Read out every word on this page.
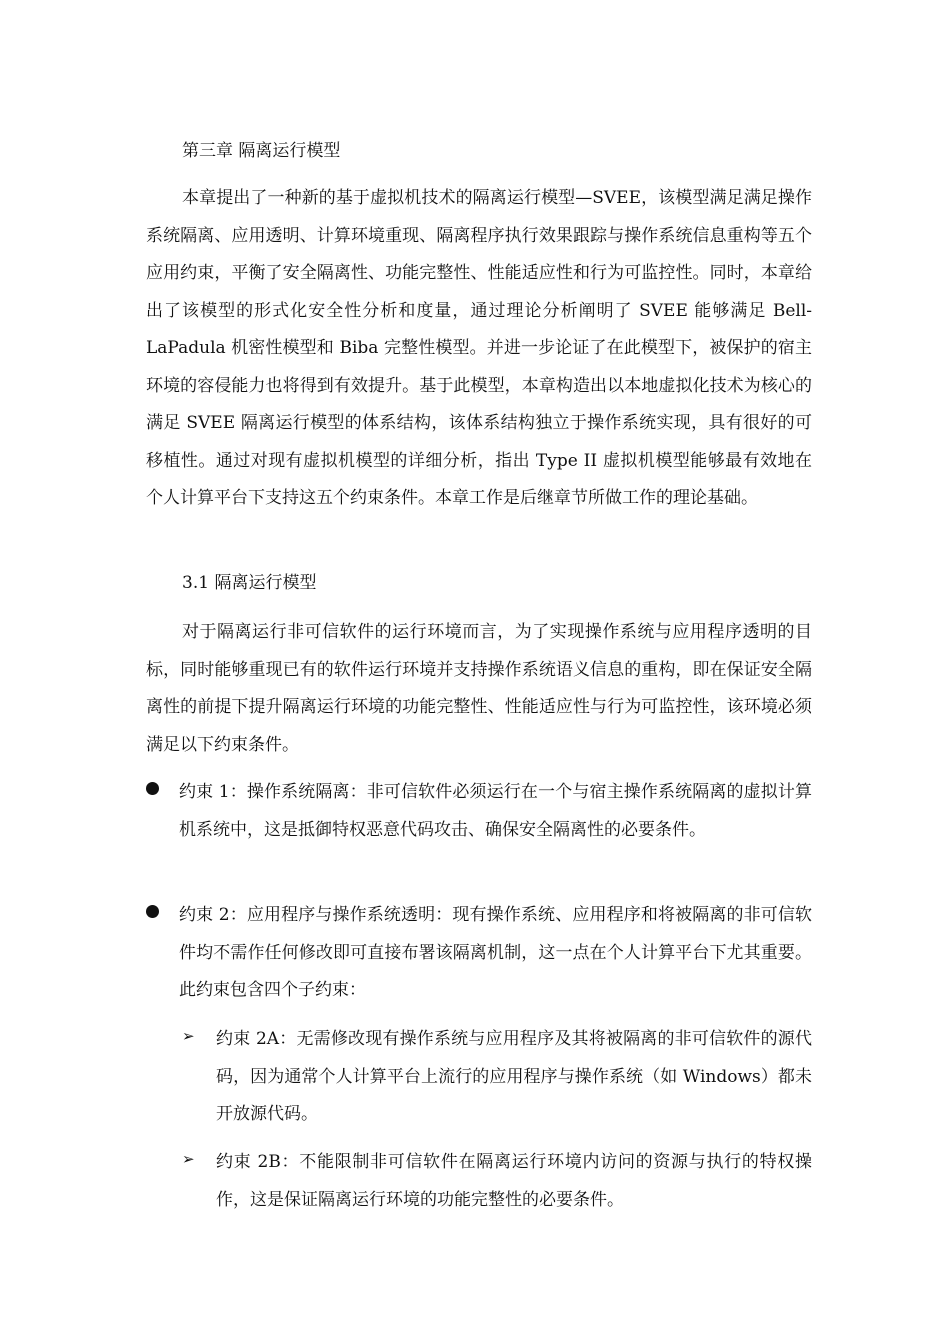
第三章 隔离运行模型

本章提出了一种新的基于虚拟机技术的隔离运行模型—SVEE，该模型满足满足操作系统隔离、应用透明、计算环境重现、隔离程序执行效果跟踪与操作系统信息重构等五个应用约束，平衡了安全隔离性、功能完整性、性能适应性和行为可监控性。同时，本章给出了该模型的形式化安全性分析和度量，通过理论分析阐明了 SVEE 能够满足 Bell-LaPadula 机密性模型和 Biba 完整性模型。并进一步论证了在此模型下，被保护的宿主环境的容侵能力也将得到有效提升。基于此模型，本章构造出以本地虚拟化技术为核心的满足 SVEE 隔离运行模型的体系结构，该体系结构独立于操作系统实现，具有很好的可移植性。通过对现有虚拟机模型的详细分析，指出 Type II 虚拟机模型能够最有效地在个人计算平台下支持这五个约束条件。本章工作是后继章节所做工作的理论基础。

3.1 隔离运行模型

对于隔离运行非可信软件的运行环境而言，为了实现操作系统与应用程序透明的目标，同时能够重现已有的软件运行环境并支持操作系统语义信息的重构，即在保证安全隔离性的前提下提升隔离运行环境的功能完整性、性能适应性与行为可监控性，该环境必须满足以下约束条件。

约束 1：操作系统隔离：非可信软件必须运行在一个与宿主操作系统隔离的虚拟计算机系统中，这是抵御特权恶意代码攻击、确保安全隔离性的必要条件。
约束 2：应用程序与操作系统透明：现有操作系统、应用程序和将被隔离的非可信软件均不需作任何修改即可直接布署该隔离机制，这一点在个人计算平台下尤其重要。此约束包含四个子约束：
➢ 约束 2A：无需修改现有操作系统与应用程序及其将被隔离的非可信软件的源代码，因为通常个人计算平台上流行的应用程序与操作系统（如 Windows）都未开放源代码。
➢ 约束 2B：不能限制非可信软件在隔离运行环境内访问的资源与执行的特权操作，这是保证隔离运行环境的功能完整性的必要条件。
